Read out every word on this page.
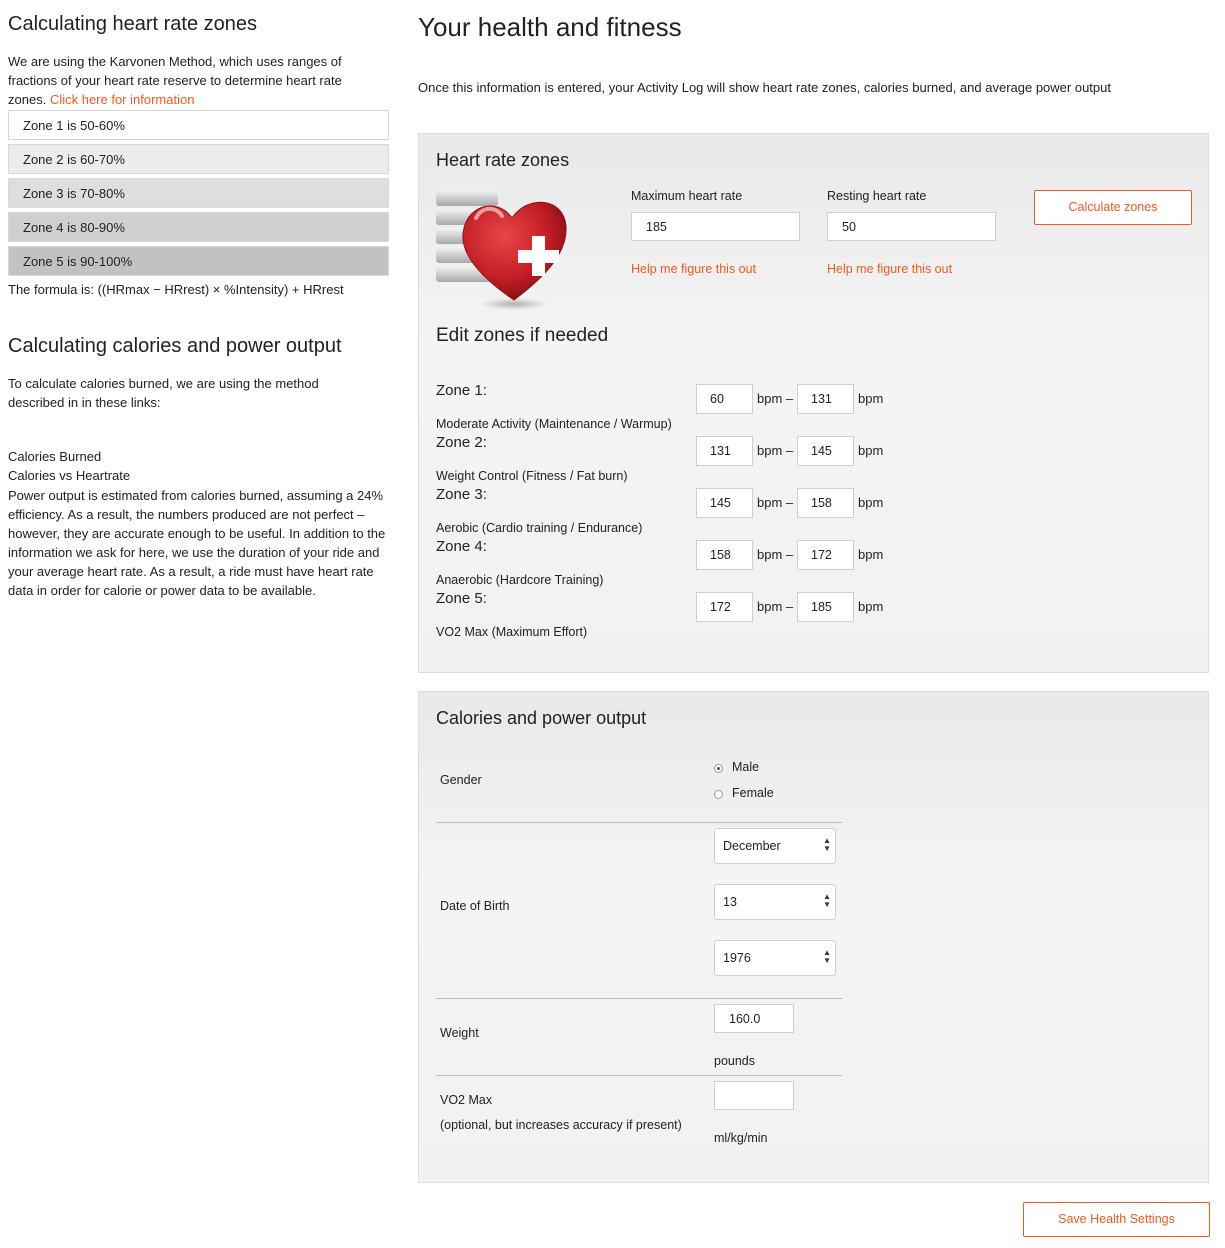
Calculating heart rate zones
We are using the Karvonen Method, which uses ranges of fractions of your heart rate reserve to determine heart rate zones. Click here for information
Zone 1 is 50-60%
Zone 2 is 60-70%
Zone 3 is 70-80%
Zone 4 is 80-90%
Zone 5 is 90-100%
The formula is: ((HRmax − HRrest) × %Intensity) + HRrest
Calculating calories and power output
To calculate calories burned, we are using the method described in in these links:
Calories Burned
Calories vs Heartrate
Power output is estimated from calories burned, assuming a 24% efficiency. As a result, the numbers produced are not perfect – however, they are accurate enough to be useful. In addition to the information we ask for here, we use the duration of your ride and your average heart rate. As a result, a ride must have heart rate data in order for calorie or power data to be available.
Your health and fitness
Once this information is entered, your Activity Log will show heart rate zones, calories burned, and average power output
Heart rate zones
Maximum heart rate
185
Help me figure this out
Resting heart rate
50
Help me figure this out
Calculate zones
Edit zones if needed
Zone 1:
Moderate Activity (Maintenance / Warmup)
60	bpm –	131	bpm
Zone 2:
Weight Control (Fitness / Fat burn)
131	bpm –	145	bpm
Zone 3:
Aerobic (Cardio training / Endurance)
145	bpm –	158	bpm
Zone 4:
Anaerobic (Hardcore Training)
158	bpm –	172	bpm
Zone 5:
VO2 Max (Maximum Effort)
172	bpm –	185	bpm
Calories and power output
Gender
Male
Female
Date of Birth
December	▲
▼
13	▲
▼
1976	▲
▼
Weight
160.0
pounds
VO2 Max
(optional, but increases accuracy if present)
ml/kg/min
Save Health Settings
